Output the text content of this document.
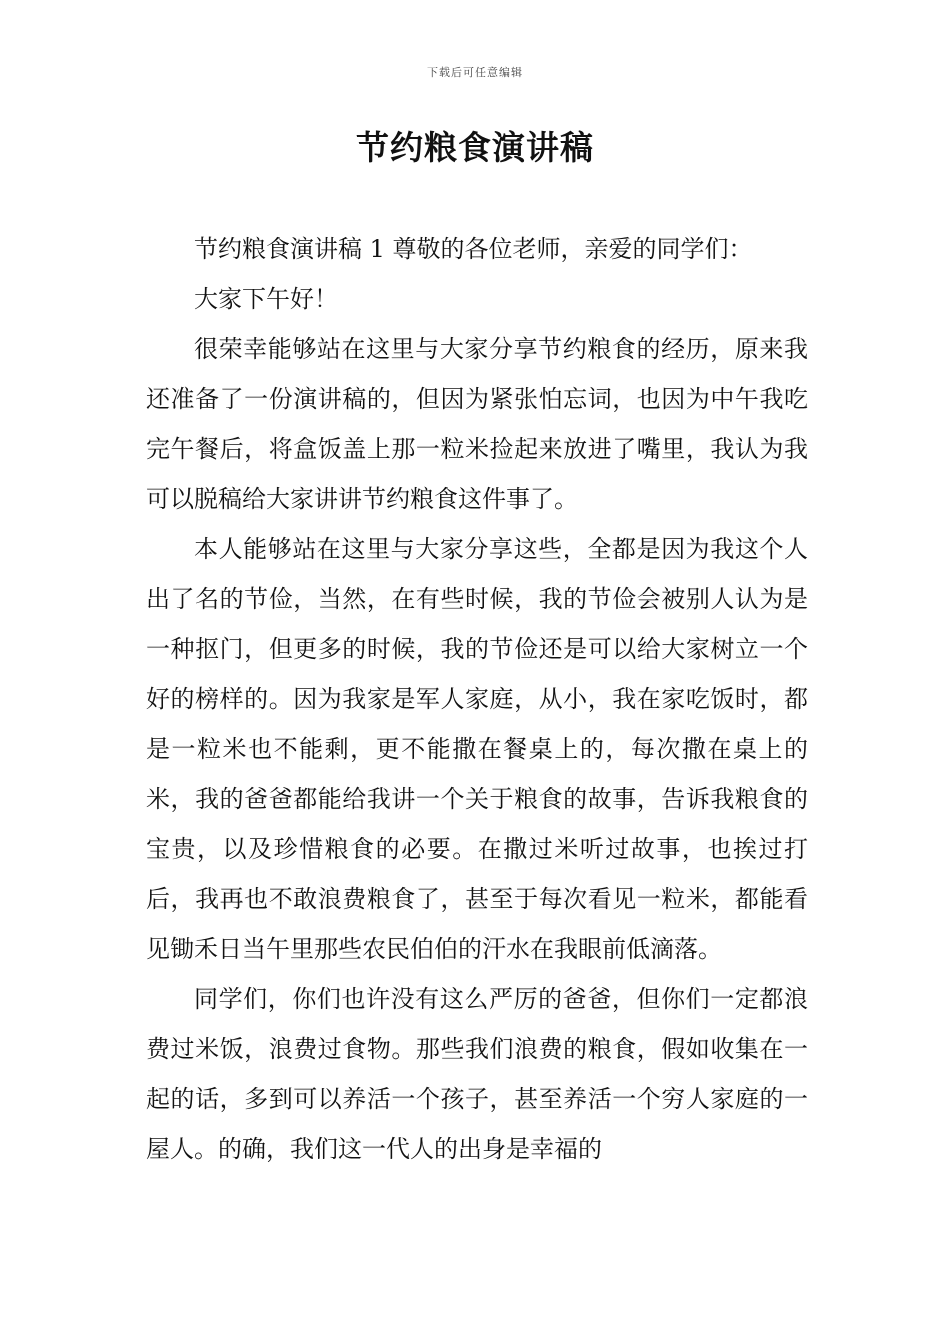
下载后可任意编辑
节约粮食演讲稿

节约粮食演讲稿 1 尊敬的各位老师，亲爱的同学们：

大家下午好！

很荣幸能够站在这里与大家分享节约粮食的经历，原来我还准备了一份演讲稿的，但因为紧张怕忘词，也因为中午我吃完午餐后，将盒饭盖上那一粒米捡起来放进了嘴里，我认为我可以脱稿给大家讲讲节约粮食这件事了。

本人能够站在这里与大家分享这些，全都是因为我这个人出了名的节俭，当然，在有些时候，我的节俭会被别人认为是一种抠门，但更多的时候，我的节俭还是可以给大家树立一个好的榜样的。因为我家是军人家庭，从小，我在家吃饭时，都是一粒米也不能剩，更不能撒在餐桌上的，每次撒在桌上的米，我的爸爸都能给我讲一个关于粮食的故事，告诉我粮食的宝贵，以及珍惜粮食的必要。在撒过米听过故事，也挨过打后，我再也不敢浪费粮食了，甚至于每次看见一粒米，都能看见锄禾日当午里那些农民伯伯的汗水在我眼前低滴落。

同学们，你们也许没有这么严厉的爸爸，但你们一定都浪费过米饭，浪费过食物。那些我们浪费的粮食，假如收集在一起的话，多到可以养活一个孩子，甚至养活一个穷人家庭的一屋人。的确，我们这一代人的出身是幸福的
